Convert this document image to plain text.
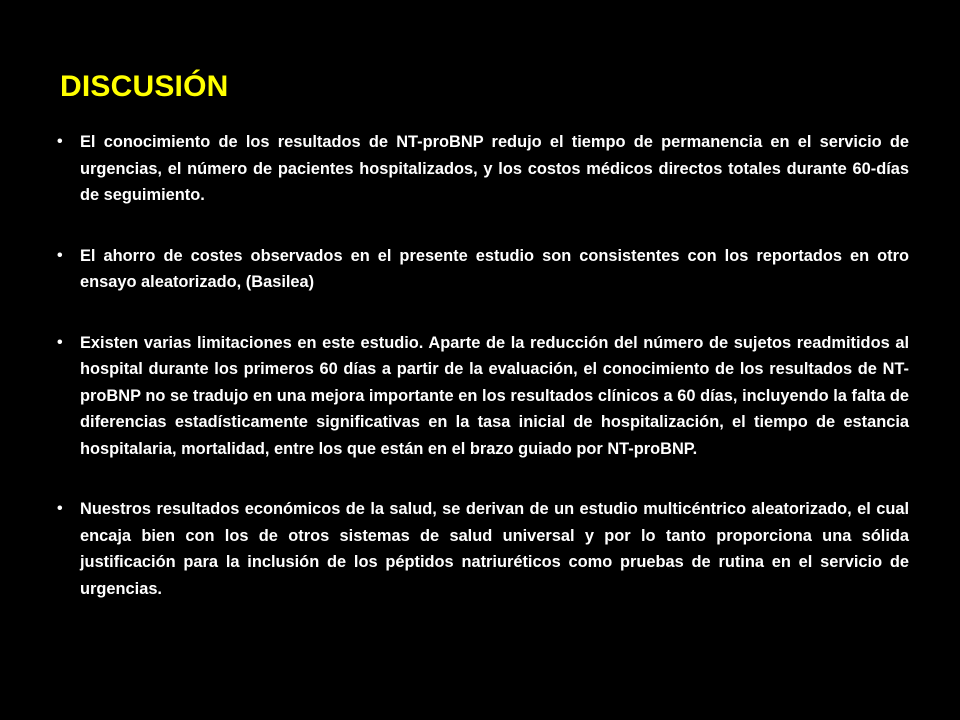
DISCUSIÓN
• El conocimiento de los resultados de NT-proBNP redujo el tiempo de permanencia en el servicio de urgencias, el número de pacientes hospitalizados, y los costos médicos directos totales durante 60-días de seguimiento.
• El ahorro de costes observados en el presente estudio son consistentes con los reportados en otro ensayo aleatorizado, (Basilea)
• Existen varias limitaciones en este estudio. Aparte de la reducción del número de sujetos readmitidos al hospital durante los primeros 60 días a partir de la evaluación, el conocimiento de los resultados de NT-proBNP no se tradujo en una mejora importante en los resultados clínicos a 60 días, incluyendo la falta de diferencias estadísticamente significativas en la tasa inicial de hospitalización, el tiempo de estancia hospitalaria, mortalidad, entre los que están en el brazo guiado por NT-proBNP.
• Nuestros resultados económicos de la salud, se derivan de un estudio multicéntrico aleatorizado, el cual encaja bien con los de otros sistemas de salud universal y por lo tanto proporciona una sólida justificación para la inclusión de los péptidos natriuréticos como pruebas de rutina en el servicio de urgencias.
